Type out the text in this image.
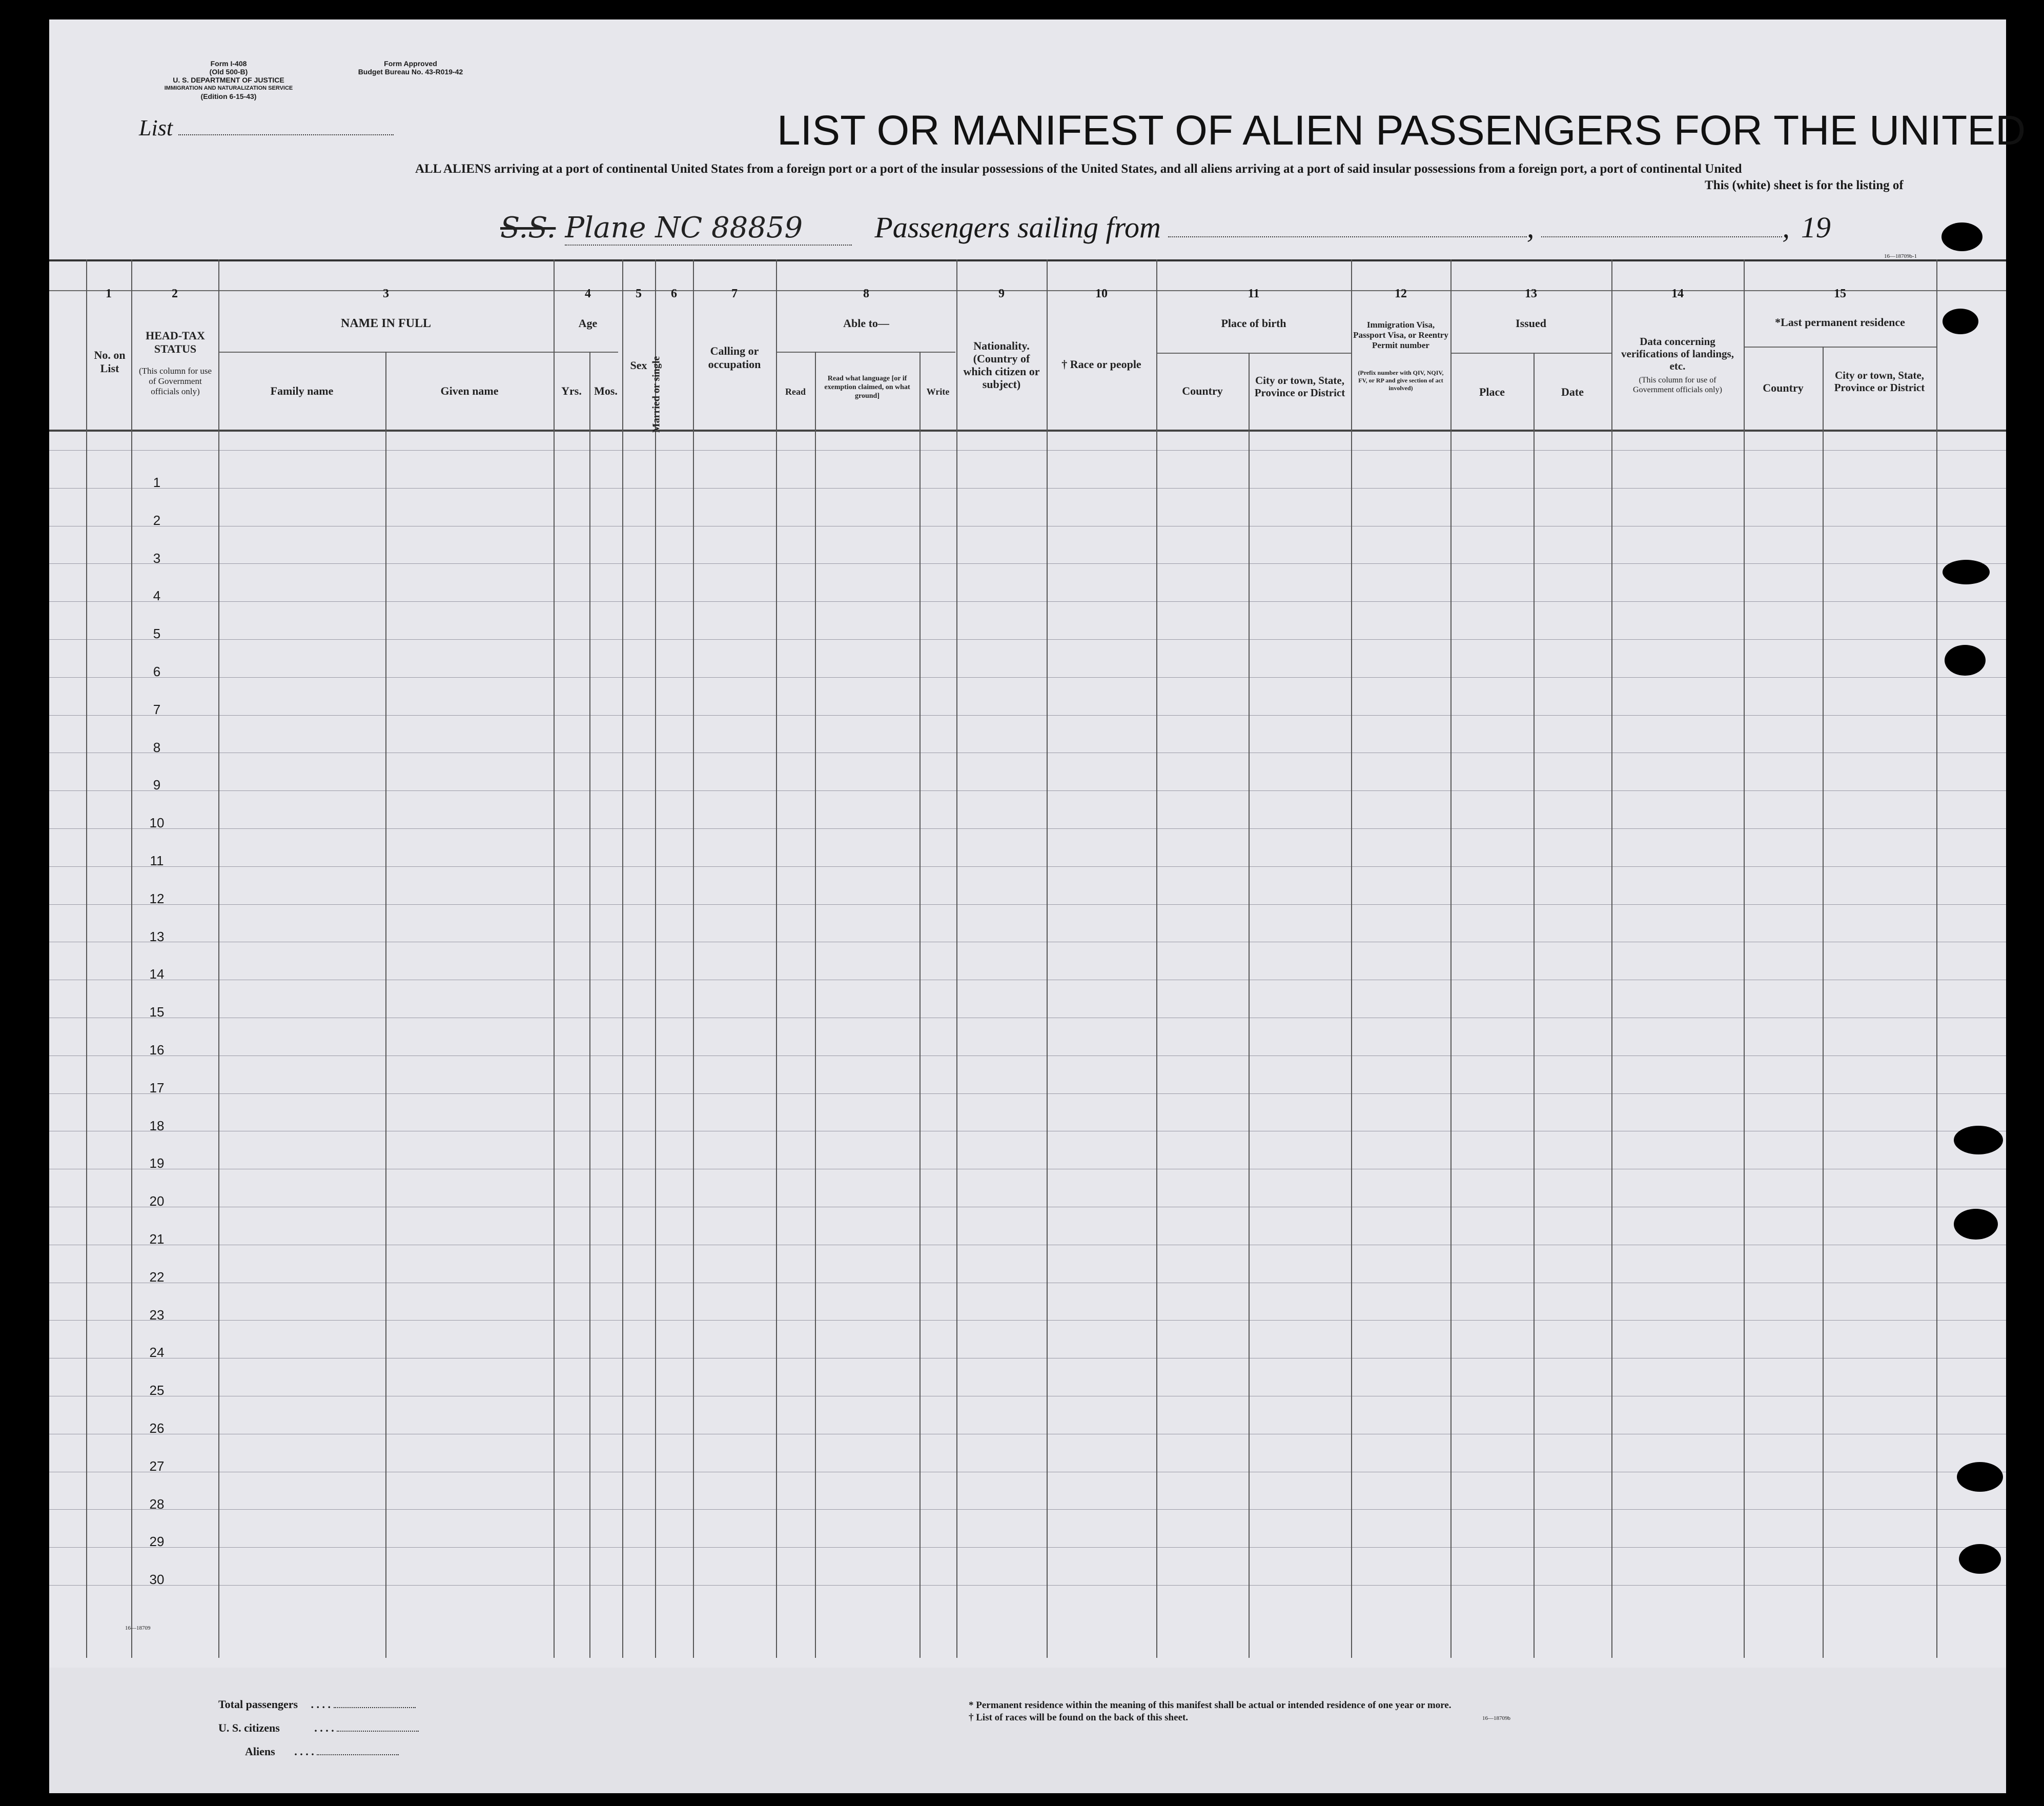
Form I-408
(Old 500-B)
U. S. DEPARTMENT OF JUSTICE
IMMIGRATION AND NATURALIZATION SERVICE
(Edition 6-15-43)
Form Approved
Budget Bureau No. 43-R019-42
List	LIST OR MANIFEST OF ALIEN PASSENGERS FOR THE UNITED
ALL ALIENS arriving at a port of continental United States from a foreign port or a port of the insular possessions of the United States, and all aliens arriving at a port of said insular possessions from a foreign port, a port of continental United
This (white) sheet is for the listing of
S.S. Plane NC 88859 Passengers sailing from	,	, 19
16—18709b-1
1	2	3	4	5	6	7	8	9	10	11	12	13	14	15
No. on List
HEAD-TAX STATUS
(This column for use of Government officials only)
NAME IN FULL
Family name	Given name
Age
Yrs.	Mos.
Sex Married or single
Calling or occupation
Able to—
Read
Read what language [or if exemption claimed, on what ground]	Write
Nationality. (Country of which citizen or subject)
† Race or people
Place of birth
Country
City or town, State, Province or District
Immigration Visa, Passport Visa, or Reentry Permit number
(Prefix number with QIV, NQIV, FV, or RP and give section of act involved)
Issued
Place	Date
Data concerning verifications of landings, etc.
(This column for use of Government officials only)
*Last permanent residence
Country
City or town, State, Province or District
1
2
3
4
5
6
7
8
9
10
11
12
13
14
15
16
17
18
19
20
21
22
23
24
25
26
27
28
29
30
16—18709
Total passengers . . . .
U. S. citizens	. . . .
Aliens . . . .
* Permanent residence within the meaning of this manifest shall be actual or intended residence of one year or more.
† List of races will be found on the back of this sheet.	16—18709b
